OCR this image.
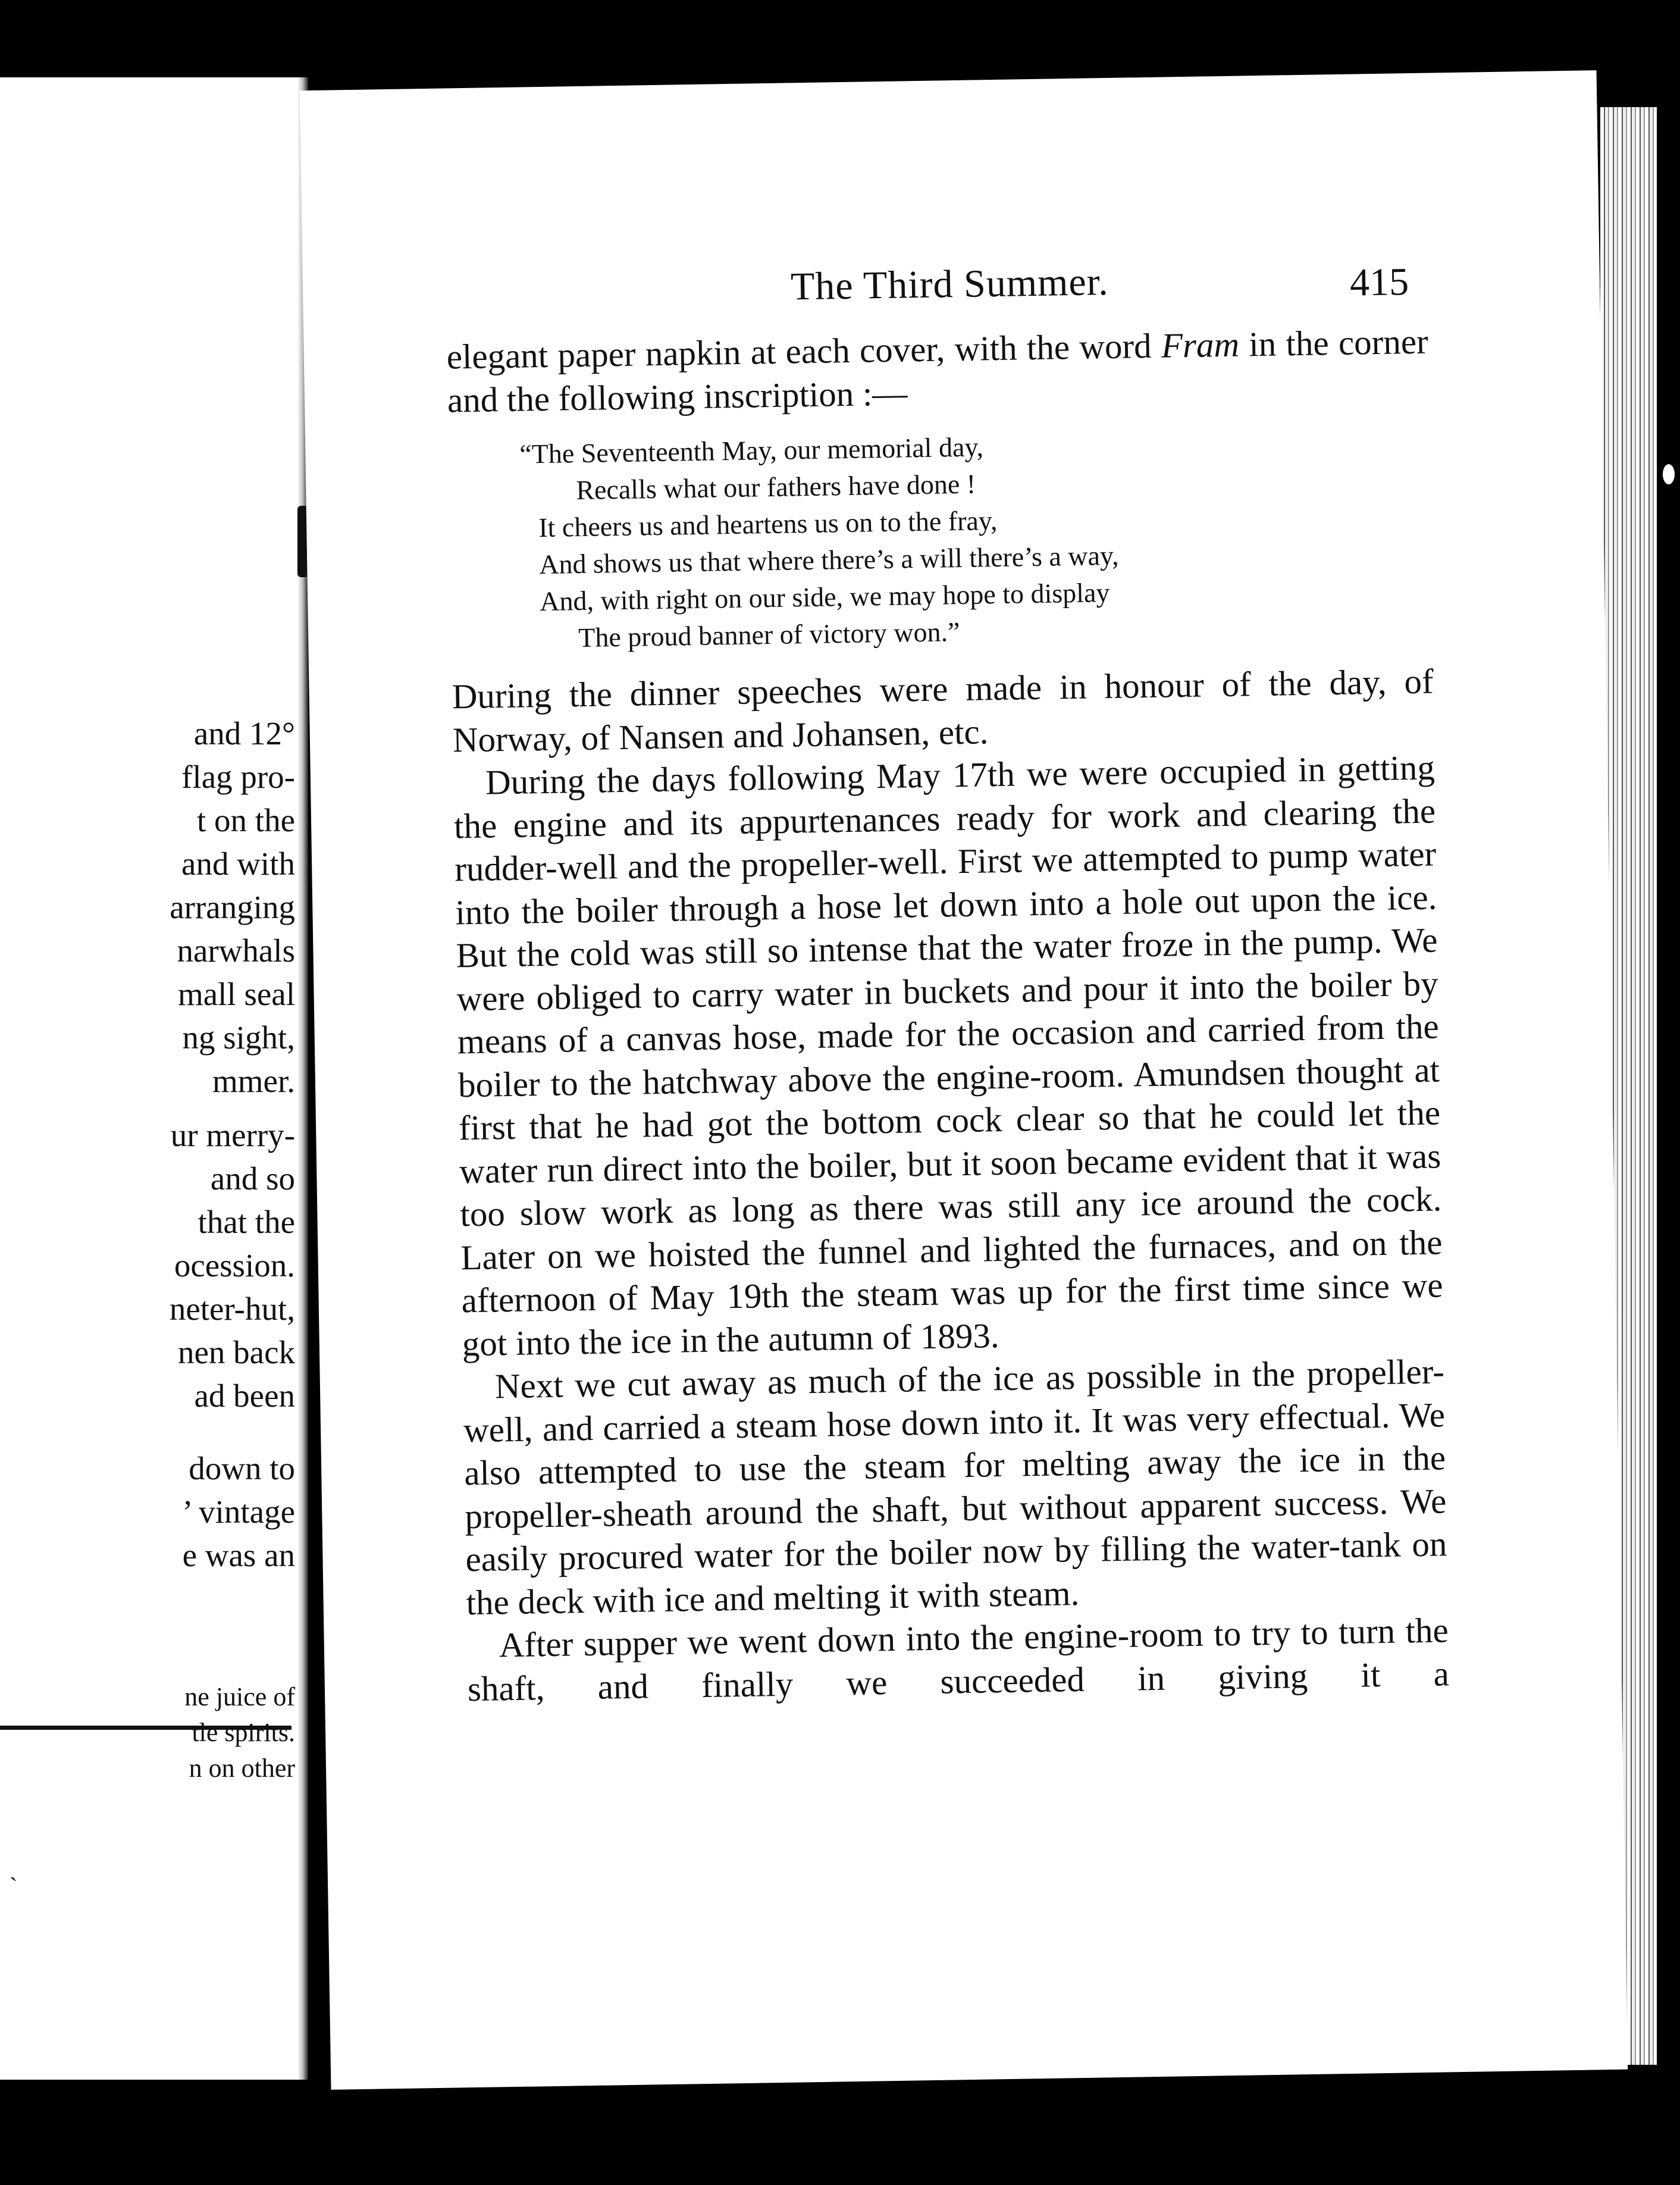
and 12°
flag pro-
t on the
and with
arranging
narwhals
mall seal
ng sight,
mmer.
ur merry-
and so
that the
ocession.
neter-hut,
nen back
ad been
down to
’ vintage
e was an
ne juice of
tle spirits.
n on other
`
The Third Summer.	415

elegant paper napkin at each cover, with the word Fram in the corner and the following inscription :—

“The Seventeenth May, our memorial day,
Recalls what our fathers have done !
It cheers us and heartens us on to the fray,
And shows us that where there’s a will there’s a way,
And, with right on our side, we may hope to display
The proud banner of victory won.”

During the dinner speeches were made in honour of the day, of Norway, of Nansen and Johansen, etc.

During the days following May 17th we were occupied in getting the engine and its appurtenances ready for work and clearing the rudder-well and the propeller-well. First we attempted to pump water into the boiler through a hose let down into a hole out upon the ice. But the cold was still so intense that the water froze in the pump. We were obliged to carry water in buckets and pour it into the boiler by means of a canvas hose, made for the occasion and carried from the boiler to the hatchway above the engine-room. Amundsen thought at first that he had got the bottom cock clear so that he could let the water run direct into the boiler, but it soon became evident that it was too slow work as long as there was still any ice around the cock. Later on we hoisted the funnel and lighted the furnaces, and on the afternoon of May 19th the steam was up for the first time since we got into the ice in the autumn of 1893.

Next we cut away as much of the ice as possible in the propeller-well, and carried a steam hose down into it. It was very effectual. We also attempted to use the steam for melting away the ice in the propeller-sheath around the shaft, but without apparent success. We easily procured water for the boiler now by filling the water-tank on the deck with ice and melting it with steam.

After supper we went down into the engine-room to try to turn the shaft, and finally we succeeded in giving it a
